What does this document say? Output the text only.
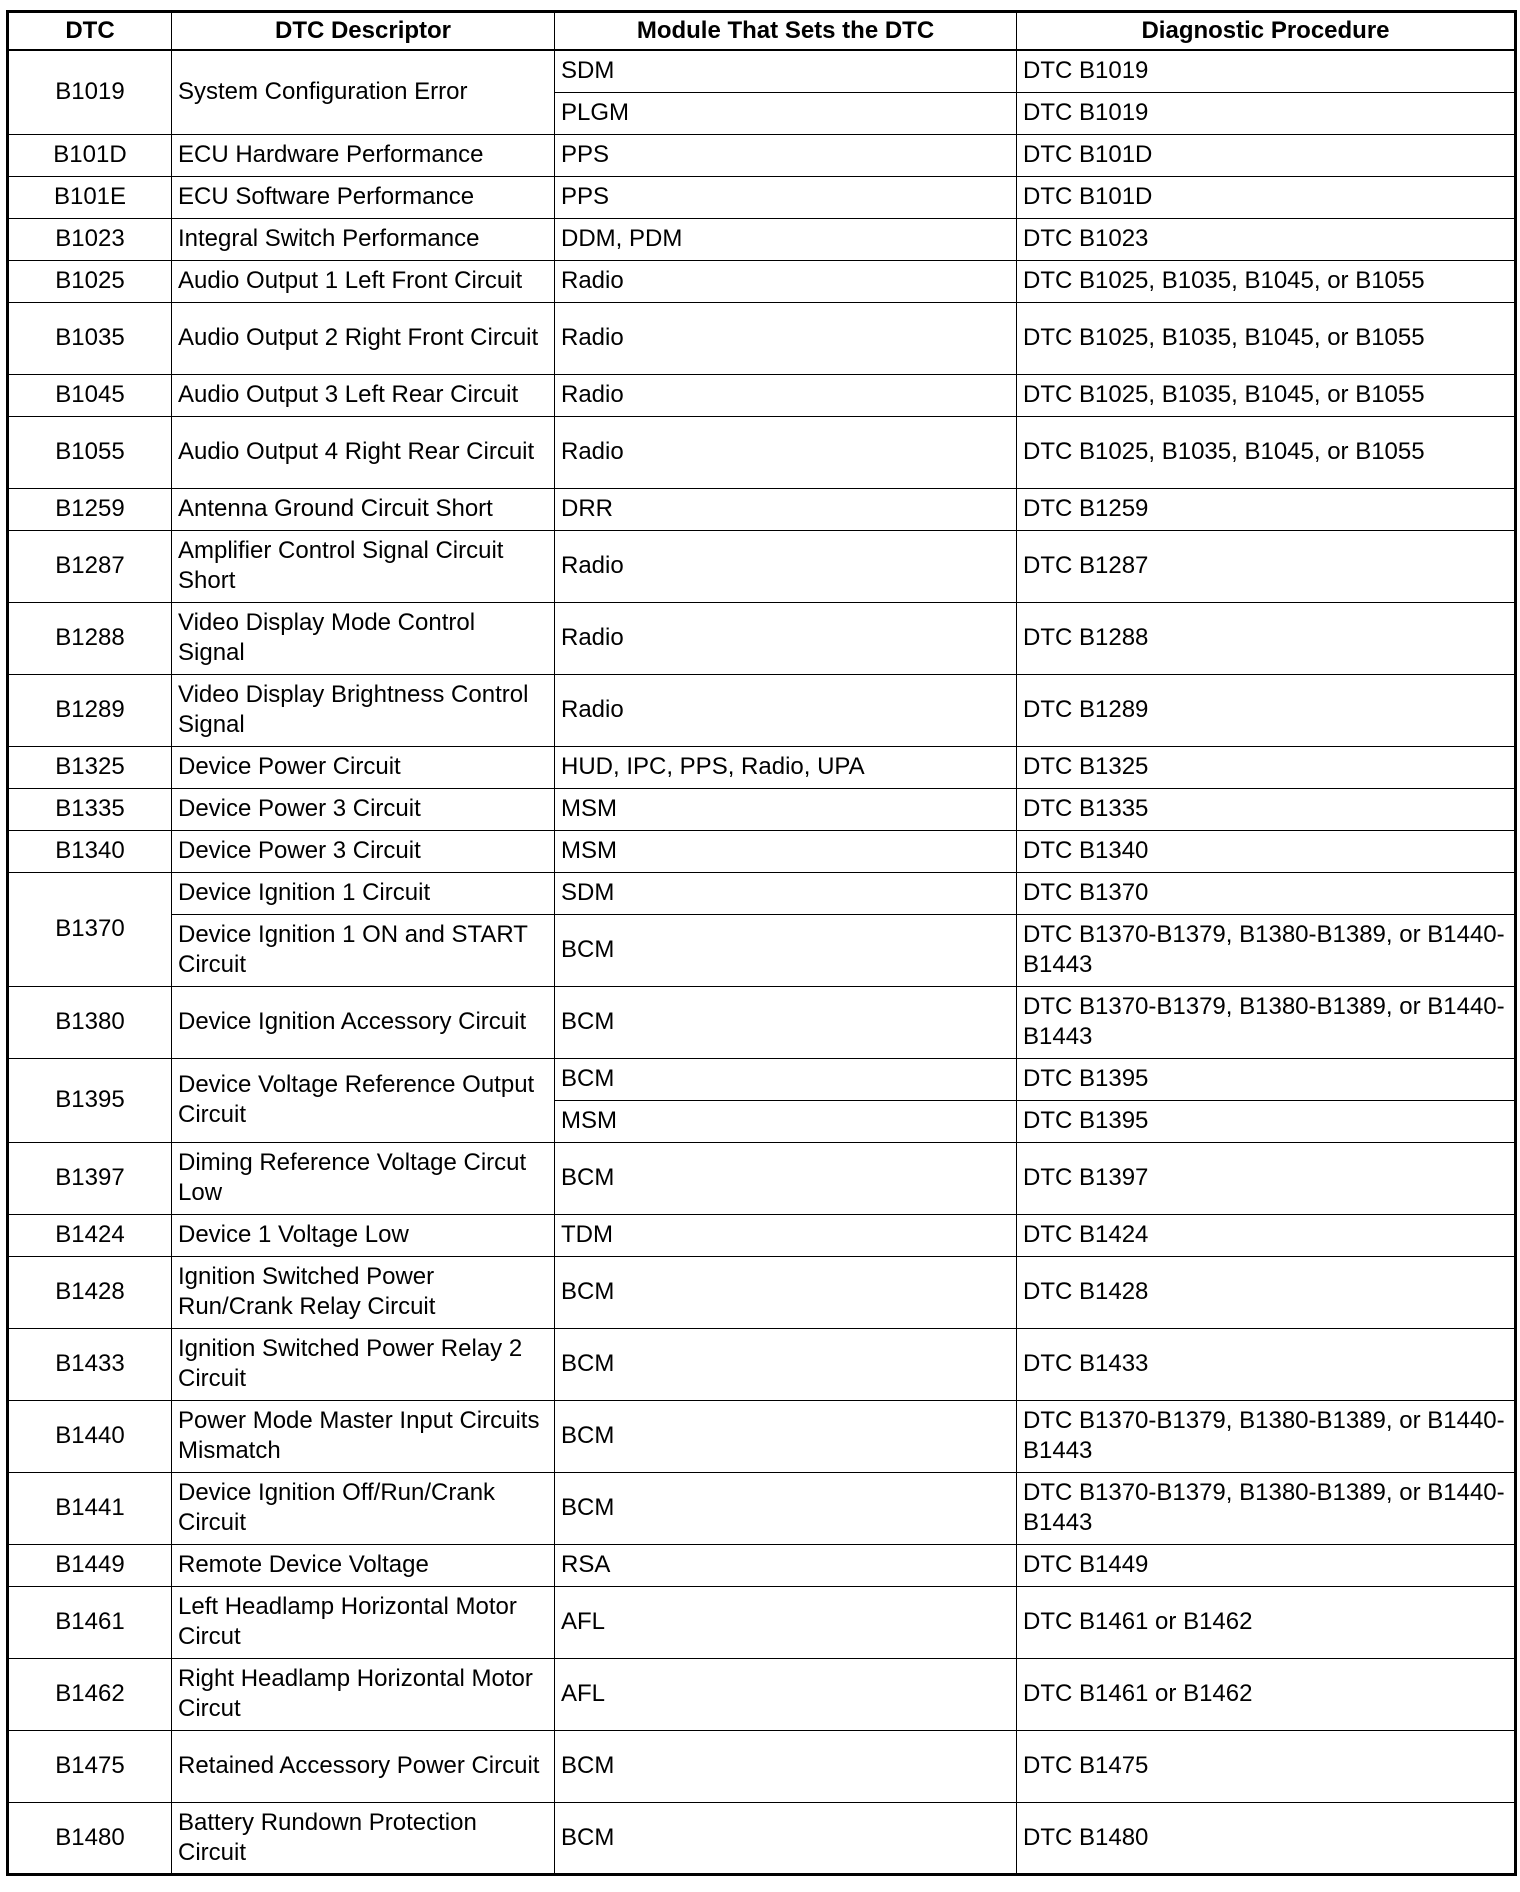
DTC	DTC Descriptor	Module That Sets the DTC	Diagnostic Procedure
B1019	System Configuration Error	SDM	DTC B1019
		PLGM	DTC B1019
B101D	ECU Hardware Performance	PPS	DTC B101D
B101E	ECU Software Performance	PPS	DTC B101D
B1023	Integral Switch Performance	DDM, PDM	DTC B1023
B1025	Audio Output 1 Left Front Circuit	Radio	DTC B1025, B1035, B1045, or B1055
B1035	Audio Output 2 Right Front Circuit	Radio	DTC B1025, B1035, B1045, or B1055
B1045	Audio Output 3 Left Rear Circuit	Radio	DTC B1025, B1035, B1045, or B1055
B1055	Audio Output 4 Right Rear Circuit	Radio	DTC B1025, B1035, B1045, or B1055
B1259	Antenna Ground Circuit Short	DRR	DTC B1259
B1287	Amplifier Control Signal Circuit Short	Radio	DTC B1287
B1288	Video Display Mode Control Signal	Radio	DTC B1288
B1289	Video Display Brightness Control Signal	Radio	DTC B1289
B1325	Device Power Circuit	HUD, IPC, PPS, Radio, UPA	DTC B1325
B1335	Device Power 3 Circuit	MSM	DTC B1335
B1340	Device Power 3 Circuit	MSM	DTC B1340
B1370	Device Ignition 1 Circuit	SDM	DTC B1370
	Device Ignition 1 ON and START Circuit	BCM	DTC B1370-B1379, B1380-B1389, or B1440-B1443
B1380	Device Ignition Accessory Circuit	BCM	DTC B1370-B1379, B1380-B1389, or B1440-B1443
B1395	Device Voltage Reference Output Circuit	BCM	DTC B1395
		MSM	DTC B1395
B1397	Diming Reference Voltage Circut Low	BCM	DTC B1397
B1424	Device 1 Voltage Low	TDM	DTC B1424
B1428	Ignition Switched Power Run/Crank Relay Circuit	BCM	DTC B1428
B1433	Ignition Switched Power Relay 2 Circuit	BCM	DTC B1433
B1440	Power Mode Master Input Circuits Mismatch	BCM	DTC B1370-B1379, B1380-B1389, or B1440-B1443
B1441	Device Ignition Off/Run/Crank Circuit	BCM	DTC B1370-B1379, B1380-B1389, or B1440-B1443
B1449	Remote Device Voltage	RSA	DTC B1449
B1461	Left Headlamp Horizontal Motor Circut	AFL	DTC B1461 or B1462
B1462	Right Headlamp Horizontal Motor Circut	AFL	DTC B1461 or B1462
B1475	Retained Accessory Power Circuit	BCM	DTC B1475
B1480	Battery Rundown Protection Circuit	BCM	DTC B1480
